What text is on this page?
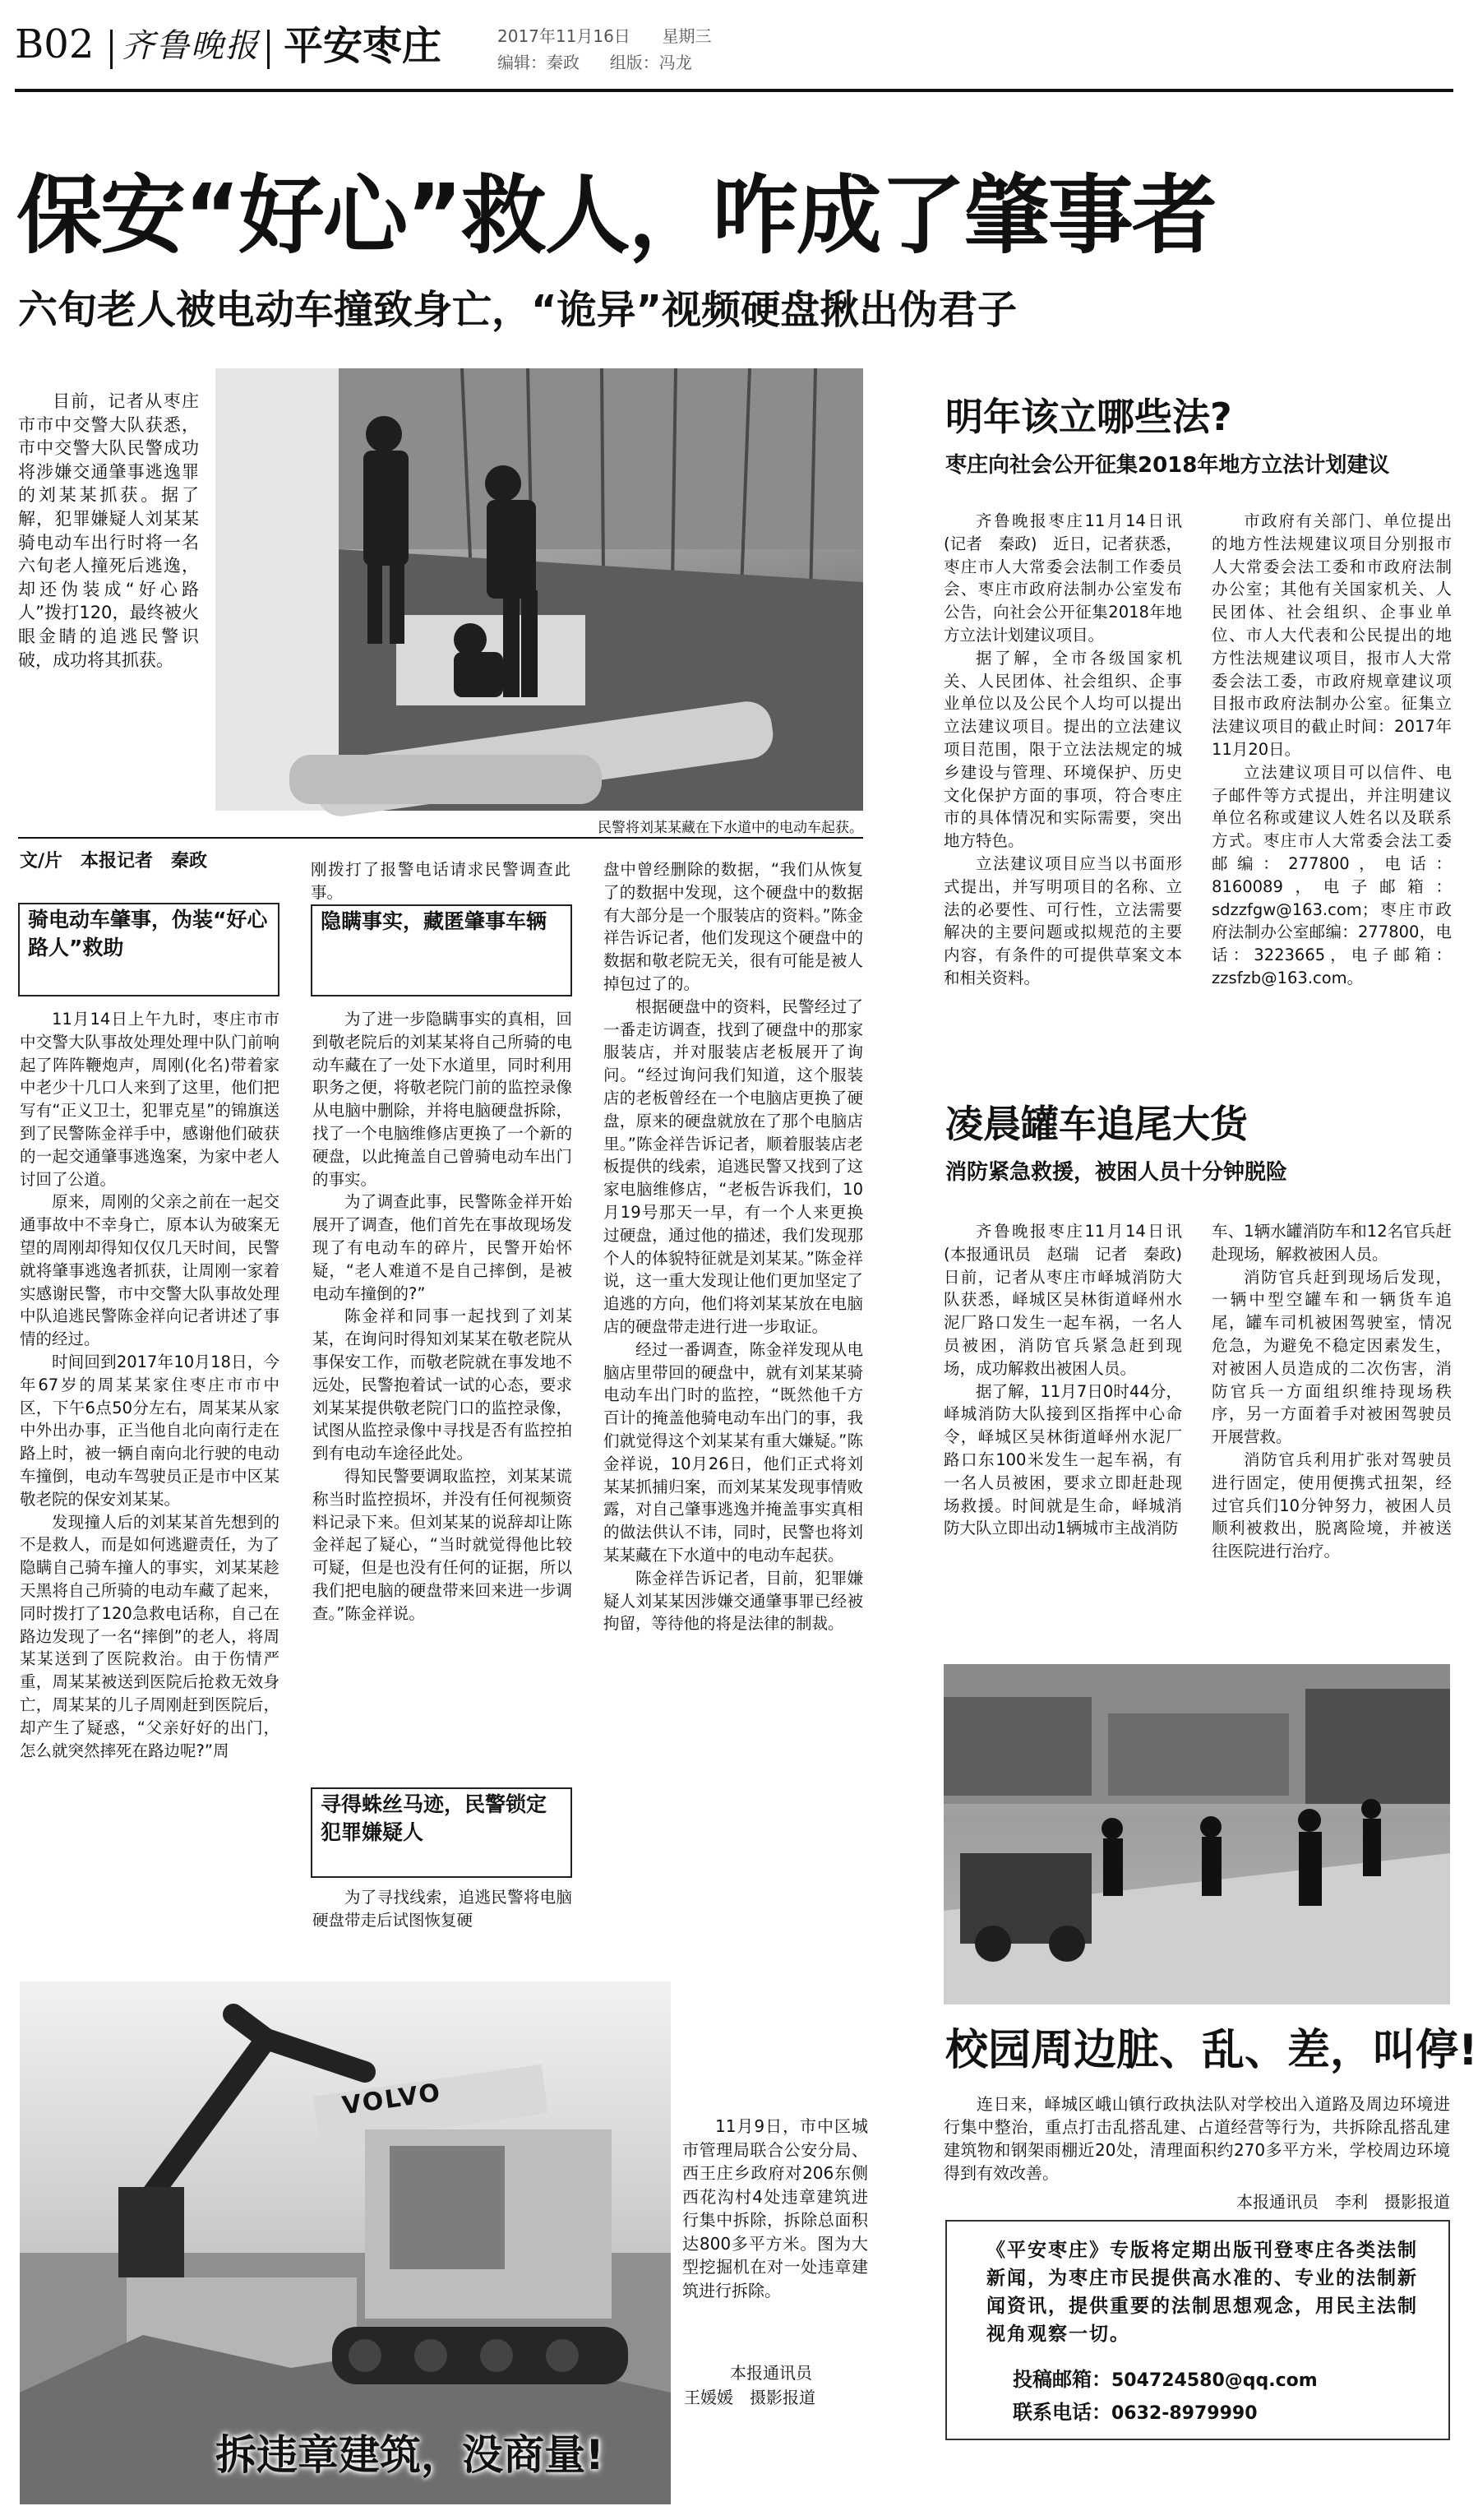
B02 齐鲁晚报 平安枣庄	2017年11月16日 星期三
编辑：秦政 组版：冯龙
保安“好心”救人，咋成了肇事者
六旬老人被电动车撞致身亡，“诡异”视频硬盘揪出伪君子

目前，记者从枣庄市市中交警大队获悉，市中交警大队民警成功将涉嫌交通肇事逃逸罪的刘某某抓获。据了解，犯罪嫌疑人刘某某骑电动车出行时将一名六旬老人撞死后逃逸，却还伪装成“好心路人”拨打120，最终被火眼金睛的追逃民警识破，成功将其抓获。

民警将刘某某藏在下水道中的电动车起获。
文/片　本报记者　秦政
骑电动车肇事，伪装“好心路人”救助

11月14日上午九时，枣庄市市中交警大队事故处理处理中队门前响起了阵阵鞭炮声，周刚(化名)带着家中老少十几口人来到了这里，他们把写有“正义卫士，犯罪克星”的锦旗送到了民警陈金祥手中，感谢他们破获的一起交通肇事逃逸案，为家中老人讨回了公道。

原来，周刚的父亲之前在一起交通事故中不幸身亡，原本认为破案无望的周刚却得知仅仅几天时间，民警就将肇事逃逸者抓获，让周刚一家着实感谢民警，市中交警大队事故处理中队追逃民警陈金祥向记者讲述了事情的经过。

时间回到2017年10月18日，今年67岁的周某某家住枣庄市市中区，下午6点50分左右，周某某从家中外出办事，正当他自北向南行走在路上时，被一辆自南向北行驶的电动车撞倒，电动车驾驶员正是市中区某敬老院的保安刘某某。

发现撞人后的刘某某首先想到的不是救人，而是如何逃避责任，为了隐瞒自己骑车撞人的事实，刘某某趁天黑将自己所骑的电动车藏了起来，同时拨打了120急救电话称，自己在路边发现了一名“摔倒”的老人，将周某某送到了医院救治。由于伤情严重，周某某被送到医院后抢救无效身亡，周某某的儿子周刚赶到医院后，却产生了疑惑，“父亲好好的出门，怎么就突然摔死在路边呢?”周

刚拨打了报警电话请求民警调查此事。

隐瞒事实，藏匿肇事车辆

为了进一步隐瞒事实的真相，回到敬老院后的刘某某将自己所骑的电动车藏在了一处下水道里，同时利用职务之便，将敬老院门前的监控录像从电脑中删除，并将电脑硬盘拆除，找了一个电脑维修店更换了一个新的硬盘，以此掩盖自己曾骑电动车出门的事实。

为了调查此事，民警陈金祥开始展开了调查，他们首先在事故现场发现了有电动车的碎片，民警开始怀疑，“老人难道不是自己摔倒，是被电动车撞倒的?”

陈金祥和同事一起找到了刘某某，在询问时得知刘某某在敬老院从事保安工作，而敬老院就在事发地不远处，民警抱着试一试的心态，要求刘某某提供敬老院门口的监控录像，试图从监控录像中寻找是否有监控拍到有电动车途径此处。

得知民警要调取监控，刘某某谎称当时监控损坏，并没有任何视频资料记录下来。但刘某某的说辞却让陈金祥起了疑心，“当时就觉得他比较可疑，但是也没有任何的证据，所以我们把电脑的硬盘带来回来进一步调查。”陈金祥说。

寻得蛛丝马迹，民警锁定犯罪嫌疑人

为了寻找线索，追逃民警将电脑硬盘带走后试图恢复硬

盘中曾经删除的数据，“我们从恢复了的数据中发现，这个硬盘中的数据有大部分是一个服装店的资料。”陈金祥告诉记者，他们发现这个硬盘中的数据和敬老院无关，很有可能是被人掉包过了的。

根据硬盘中的资料，民警经过了一番走访调查，找到了硬盘中的那家服装店，并对服装店老板展开了询问。“经过询问我们知道，这个服装店的老板曾经在一个电脑店更换了硬盘，原来的硬盘就放在了那个电脑店里。”陈金祥告诉记者，顺着服装店老板提供的线索，追逃民警又找到了这家电脑维修店，“老板告诉我们，10月19号那天一早，有一个人来更换过硬盘，通过他的描述，我们发现那个人的体貌特征就是刘某某。”陈金祥说，这一重大发现让他们更加坚定了追逃的方向，他们将刘某某放在电脑店的硬盘带走进行进一步取证。

经过一番调查，陈金祥发现从电脑店里带回的硬盘中，就有刘某某骑电动车出门时的监控，“既然他千方百计的掩盖他骑电动车出门的事，我们就觉得这个刘某某有重大嫌疑。”陈金祥说，10月26日，他们正式将刘某某抓捕归案，而刘某某发现事情败露，对自己肇事逃逸并掩盖事实真相的做法供认不讳，同时，民警也将刘某某藏在下水道中的电动车起获。

陈金祥告诉记者，目前，犯罪嫌疑人刘某某因涉嫌交通肇事罪已经被拘留，等待他的将是法律的制裁。

明年该立哪些法?
枣庄向社会公开征集2018年地方立法计划建议

齐鲁晚报枣庄11月14日讯(记者　秦政)　近日，记者获悉，枣庄市人大常委会法制工作委员会、枣庄市政府法制办公室发布公告，向社会公开征集2018年地方立法计划建议项目。

据了解，全市各级国家机关、人民团体、社会组织、企事业单位以及公民个人均可以提出立法建议项目。提出的立法建议项目范围，限于立法法规定的城乡建设与管理、环境保护、历史文化保护方面的事项，符合枣庄市的具体情况和实际需要，突出地方特色。

立法建议项目应当以书面形式提出，并写明项目的名称、立法的必要性、可行性，立法需要解决的主要问题或拟规范的主要内容，有条件的可提供草案文本和相关资料。

市政府有关部门、单位提出的地方性法规建议项目分别报市人大常委会法工委和市政府法制办公室；其他有关国家机关、人民团体、社会组织、企事业单位、市人大代表和公民提出的地方性法规建议项目，报市人大常委会法工委，市政府规章建议项目报市政府法制办公室。征集立法建议项目的截止时间：2017年11月20日。

立法建议项目可以信件、电子邮件等方式提出，并注明建议单位名称或建议人姓名以及联系方式。枣庄市人大常委会法工委邮编：277800，电话：8160089，电子邮箱：sdzzfgw@163.com；枣庄市政府法制办公室邮编：277800，电话：3223665，电子邮箱：zzsfzb@163.com。

凌晨罐车追尾大货
消防紧急救援，被困人员十分钟脱险

齐鲁晚报枣庄11月14日讯(本报通讯员　赵瑞　记者　秦政)　日前，记者从枣庄市峄城消防大队获悉，峄城区吴林街道峄州水泥厂路口发生一起车祸，一名人员被困，消防官兵紧急赶到现场，成功解救出被困人员。

据了解，11月7日0时44分，峄城消防大队接到区指挥中心命令，峄城区吴林街道峄州水泥厂路口东100米发生一起车祸，有一名人员被困，要求立即赶赴现场救援。时间就是生命，峄城消防大队立即出动1辆城市主战消防

车、1辆水罐消防车和12名官兵赶赴现场，解救被困人员。

消防官兵赶到现场后发现，一辆中型空罐车和一辆货车追尾，罐车司机被困驾驶室，情况危急，为避免不稳定因素发生，对被困人员造成的二次伤害，消防官兵一方面组织维持现场秩序，另一方面着手对被困驾驶员开展营救。

消防官兵利用扩张对驾驶员进行固定，使用便携式扭架，经过官兵们10分钟努力，被困人员顺利被救出，脱离险境，并被送往医院进行治疗。

校园周边脏、乱、差，叫停!

连日来，峄城区峨山镇行政执法队对学校出入道路及周边环境进行集中整治，重点打击乱搭乱建、占道经营等行为，共拆除乱搭乱建建筑物和钢架雨棚近20处，清理面积约270多平方米，学校周边环境得到有效改善。

本报通讯员　李利　摄影报道
《平安枣庄》专版将定期出版刊登枣庄各类法制新闻，为枣庄市民提供高水准的、专业的法制新闻资讯，提供重要的法制思想观念，用民主法制视角观察一切。
投稿邮箱：504724580@qq.com
联系电话：0632-8979990
VOLVO
拆违章建筑，没商量!

11月9日，市中区城市管理局联合公安分局、西王庄乡政府对206东侧西花沟村4处违章建筑进行集中拆除，拆除总面积达800多平方米。图为大型挖掘机在对一处违章建筑进行拆除。

本报通讯员
王媛媛　摄影报道
